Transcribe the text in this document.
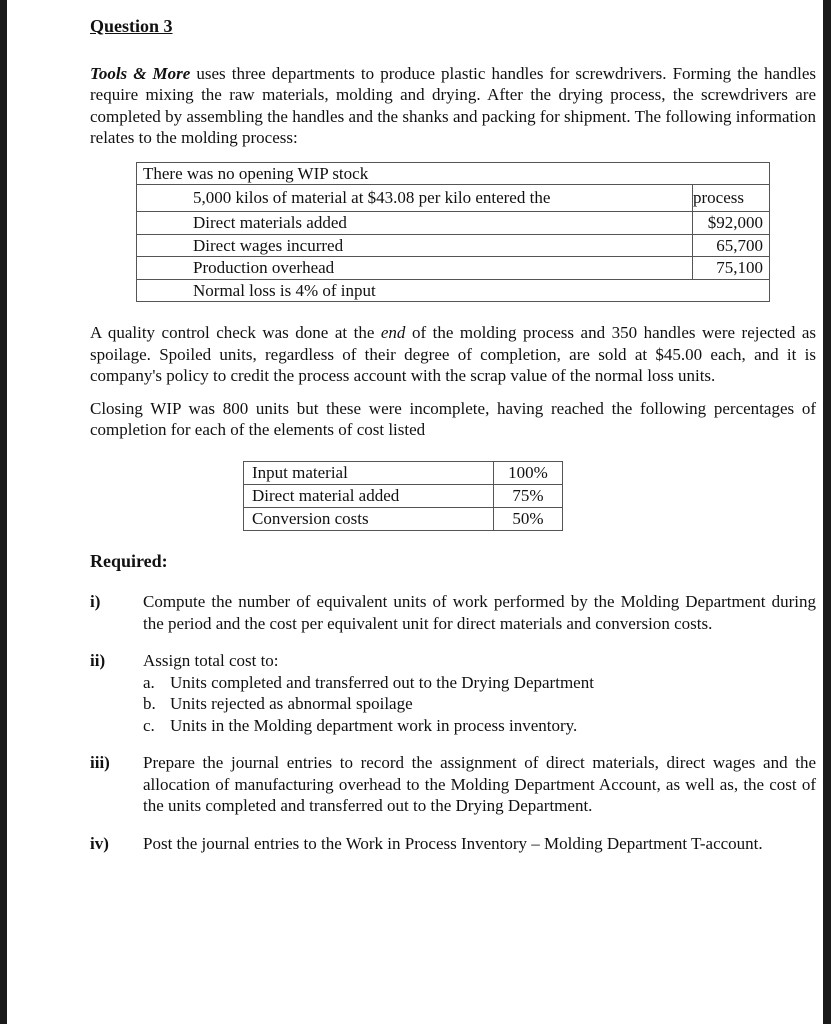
Question 3

Tools & More uses three departments to produce plastic handles for screwdrivers. Forming the handles require mixing the raw materials, molding and drying. After the drying process, the screwdrivers are completed by assembling the handles and the shanks and packing for shipment. The following information relates to the molding process:

There was no opening WIP stock	
5,000 kilos of material at $43.08 per kilo entered the	process
Direct materials added	$92,000
Direct wages incurred	65,700
Production overhead	75,100
Normal loss is 4% of input	

A quality control check was done at the end of the molding process and 350 handles were rejected as spoilage. Spoiled units, regardless of their degree of completion, are sold at $45.00 each, and it is company's policy to credit the process account with the scrap value of the normal loss units.

Closing WIP was 800 units but these were incomplete, having reached the following percentages of completion for each of the elements of cost listed

Input material	100%
Direct material added	75%
Conversion costs	50%
Required:
i)	Compute the number of equivalent units of work performed by the Molding Department during the period and the cost per equivalent unit for direct materials and conversion costs.
ii)	Assign total cost to:
a. Units completed and transferred out to the Drying Department
b. Units rejected as abnormal spoilage
c. Units in the Molding department work in process inventory.
iii)	Prepare the journal entries to record the assignment of direct materials, direct wages and the allocation of manufacturing overhead to the Molding Department Account, as well as, the cost of the units completed and transferred out to the Drying Department.
iv)	Post the journal entries to the Work in Process Inventory – Molding Department T-account.
